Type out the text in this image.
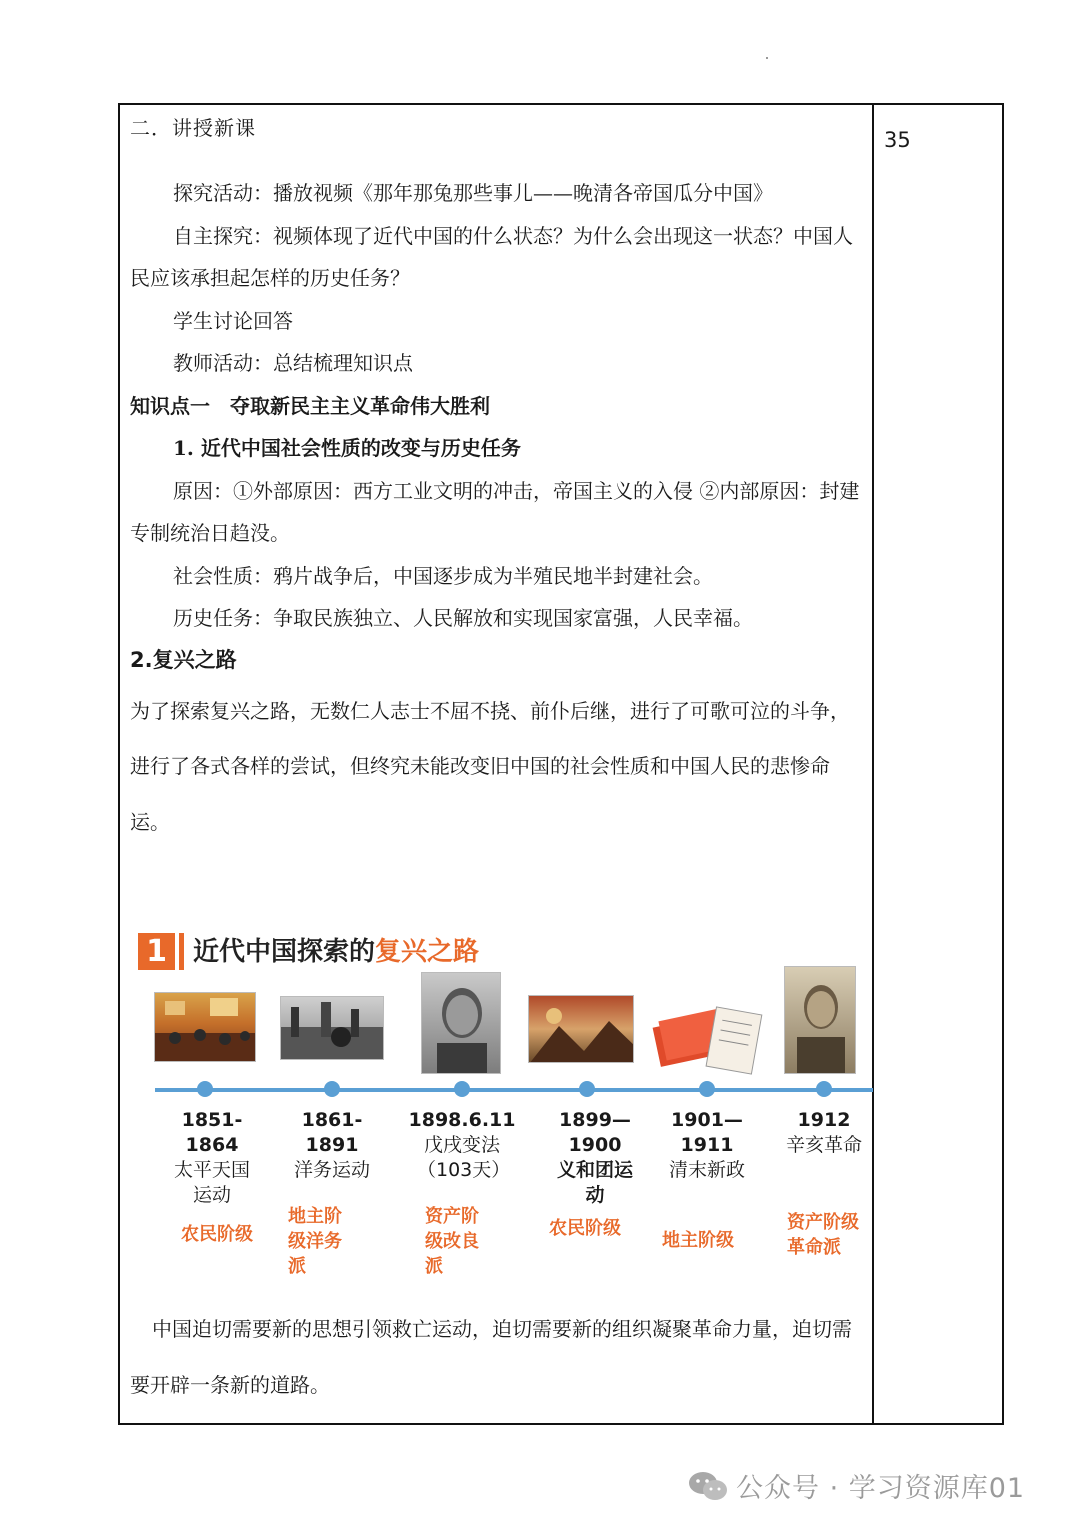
35
二．讲授新课
探究活动：播放视频《那年那兔那些事儿——晚清各帝国瓜分中国》
自主探究：视频体现了近代中国的什么状态？为什么会出现这一状态？中国人民应该承担起怎样的历史任务？
学生讨论回答
教师活动：总结梳理知识点
知识点一　夺取新民主主义革命伟大胜利
1. 近代中国社会性质的改变与历史任务
原因：①外部原因：西方工业文明的冲击，帝国主义的入侵 ②内部原因：封建专制统治日趋没。
社会性质：鸦片战争后，中国逐步成为半殖民地半封建社会。
历史任务：争取民族独立、人民解放和实现国家富强，人民幸福。
2.复兴之路
为了探索复兴之路，无数仁人志士不屈不挠、前仆后继，进行了可歌可泣的斗争，进行了各式各样的尝试，但终究未能改变旧中国的社会性质和中国人民的悲惨命运。
1	近代中国探索的复兴之路
1851-
1864
太平天国运动
农民阶级
1861-
1891
洋务运动
地主阶级洋务派
1898.6.11
戊戌变法（103天）
资产阶级改良派
1899—
1900
义和团运动
农民阶级
1901—
1911
清末新政
地主阶级
1912
辛亥革命
资产阶级革命派
中国迫切需要新的思想引领救亡运动，迫切需要新的组织凝聚革命力量，迫切需要开辟一条新的道路。
公众号 · 学习资源库01
